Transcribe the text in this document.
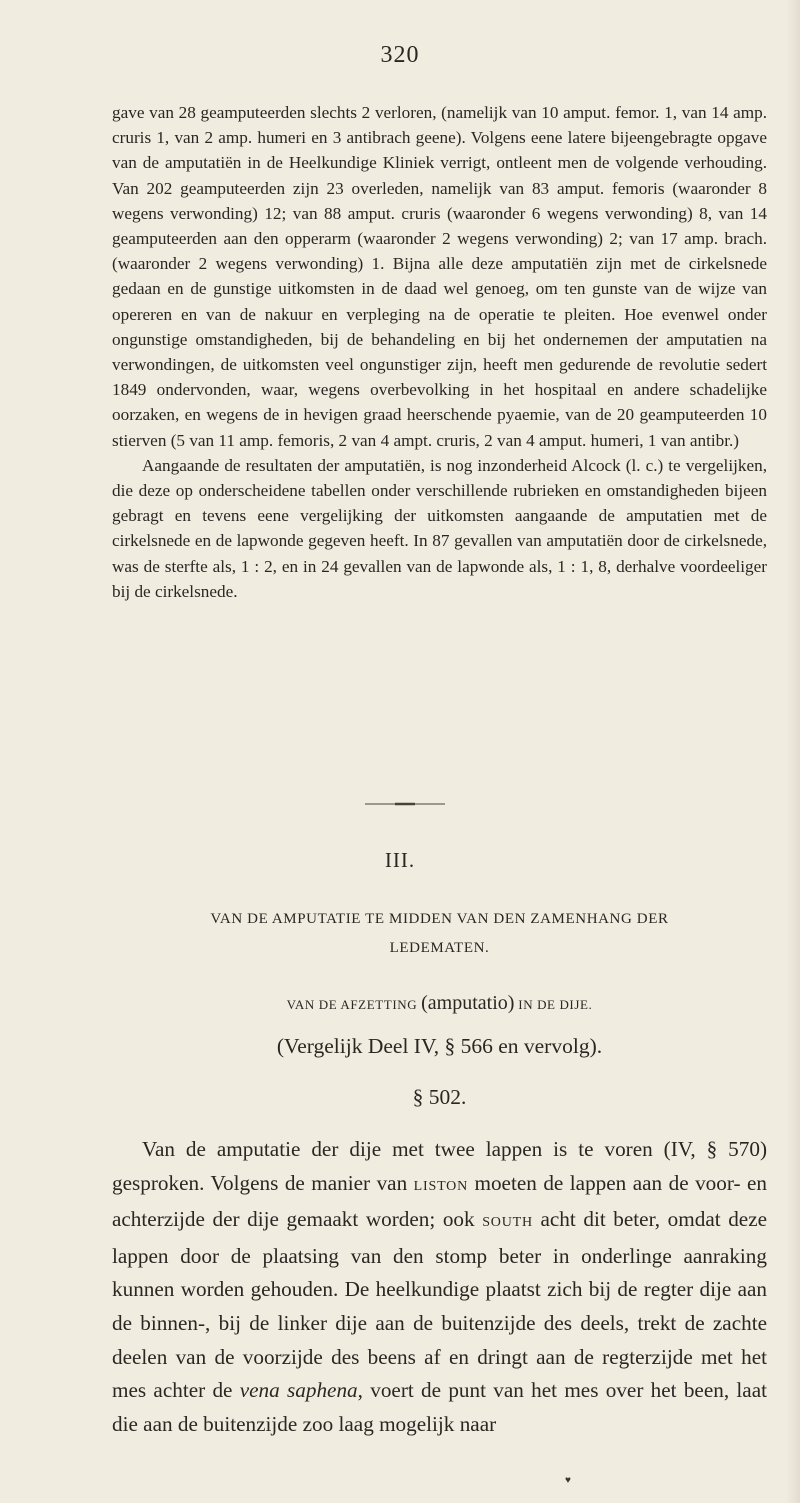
320

gave van 28 geamputeerden slechts 2 verloren, (namelijk van 10 amput. femor. 1, van 14 amp. cruris 1, van 2 amp. humeri en 3 antibrach geene). Volgens eene latere bijeengebragte opgave van de amputatiën in de Heelkundige Kliniek verrigt, ontleent men de volgende verhouding. Van 202 geamputeerden zijn 23 overleden, namelijk van 83 amput. femoris (waaronder 8 wegens verwonding) 12; van 88 amput. cruris (waaronder 6 wegens verwonding) 8, van 14 geamputeerden aan den opperarm (waaronder 2 wegens verwonding) 2; van 17 amp. brach. (waaronder 2 wegens verwonding) 1. Bijna alle deze amputatiën zijn met de cirkelsnede gedaan en de gunstige uitkomsten in de daad wel genoeg, om ten gunste van de wijze van opereren en van de nakuur en verpleging na de operatie te pleiten. Hoe evenwel onder ongunstige omstandigheden, bij de behandeling en bij het ondernemen der amputatien na verwondingen, de uitkomsten veel ongunstiger zijn, heeft men gedurende de revolutie sedert 1849 ondervonden, waar, wegens overbevolking in het hospitaal en andere schadelijke oorzaken, en wegens de in hevigen graad heerschende pyaemie, van de 20 geamputeerden 10 stierven (5 van 11 amp. femoris, 2 van 4 ampt. cruris, 2 van 4 amput. humeri, 1 van antibr.)

Aangaande de resultaten der amputatiën, is nog inzonderheid Alcock (l. c.) te vergelijken, die deze op onderscheidene tabellen onder verschillende rubrieken en omstandigheden bijeen gebragt en tevens eene vergelijking der uitkomsten aangaande de amputatien met de cirkelsnede en de lapwonde gegeven heeft. In 87 gevallen van amputatiën door de cirkelsnede, was de sterfte als, 1 : 2, en in 24 gevallen van de lapwonde als, 1 : 1, 8, derhalve voordeeliger bij de cirkelsnede.

III.
VAN DE AMPUTATIE TE MIDDEN VAN DEN ZAMENHANG DER
LEDEMATEN.
VAN DE AFZETTING (amputatio) IN DE DIJE.
(Vergelijk Deel IV, § 566 en vervolg).
§ 502.

Van de amputatie der dije met twee lappen is te voren (IV, § 570) gesproken. Volgens de manier van LISTON moeten de lappen aan de voor- en achterzijde der dije gemaakt worden; ook SOUTH acht dit beter, omdat deze lappen door de plaatsing van den stomp beter in onderlinge aanraking kunnen worden gehouden. De heelkundige plaatst zich bij de regter dije aan de binnen-, bij de linker dije aan de buitenzijde des deels, trekt de zachte deelen van de voorzijde des beens af en dringt aan de regterzijde met het mes achter de vena saphena, voert de punt van het mes over het been, laat die aan de buitenzijde zoo laag mogelijk naar

♥
